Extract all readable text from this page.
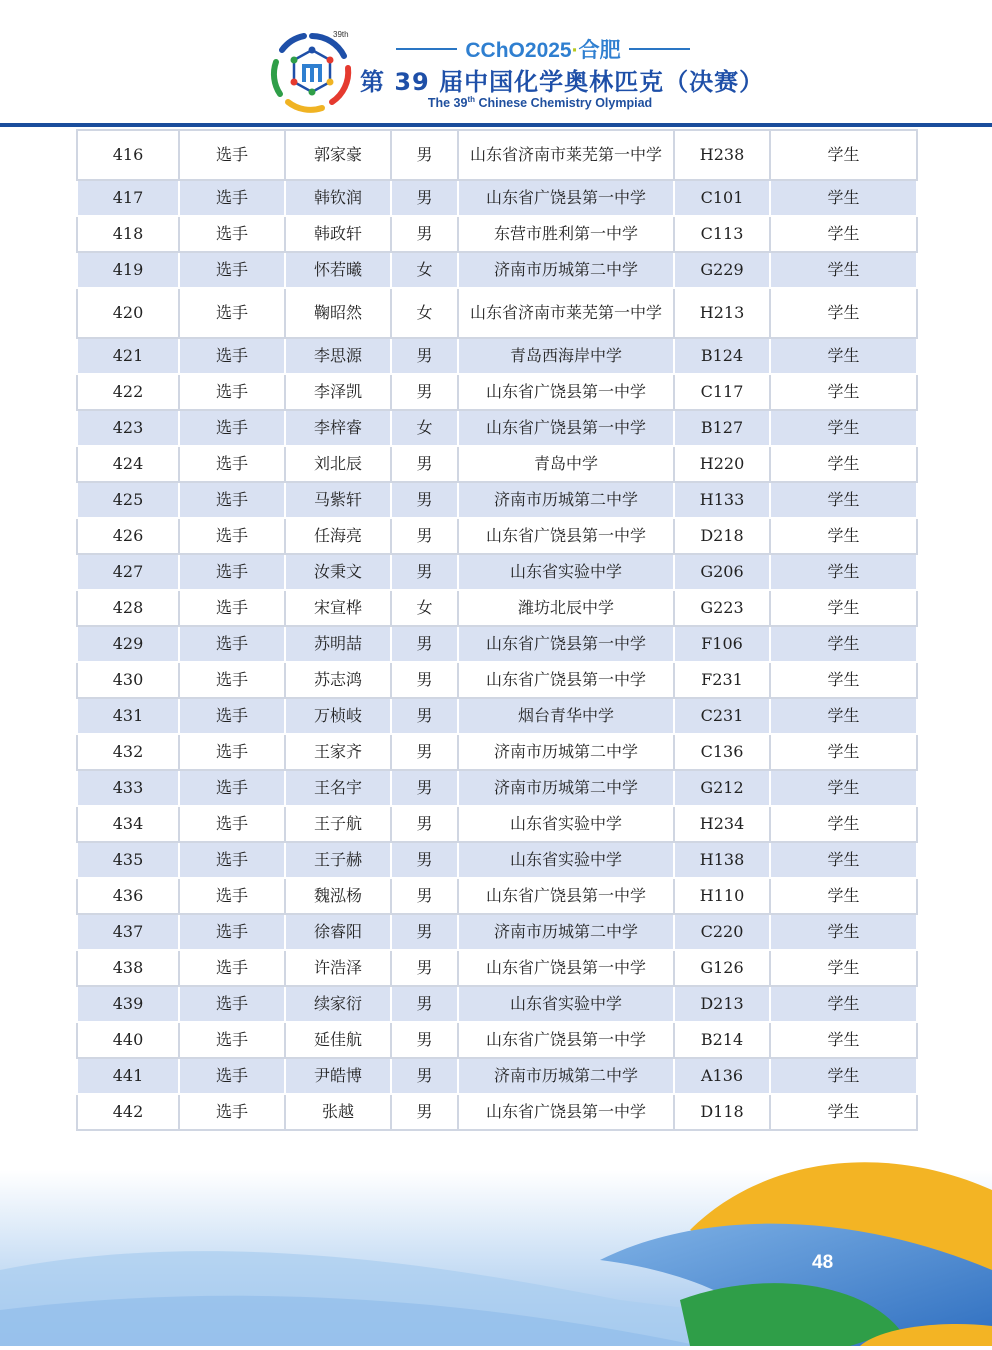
39th
CChO2025·合肥
第 39 届中国化学奥林匹克（决赛）
The 39th Chinese Chemistry Olympiad
416	选手	郭家豪	男	山东省济南市莱芜第一中学	H238	学生
417	选手	韩钦润	男	山东省广饶县第一中学	C101	学生
418	选手	韩政轩	男	东营市胜利第一中学	C113	学生
419	选手	怀若曦	女	济南市历城第二中学	G229	学生
420	选手	鞠昭然	女	山东省济南市莱芜第一中学	H213	学生
421	选手	李思源	男	青岛西海岸中学	B124	学生
422	选手	李泽凯	男	山东省广饶县第一中学	C117	学生
423	选手	李梓睿	女	山东省广饶县第一中学	B127	学生
424	选手	刘北辰	男	青岛中学	H220	学生
425	选手	马紫轩	男	济南市历城第二中学	H133	学生
426	选手	任海亮	男	山东省广饶县第一中学	D218	学生
427	选手	汝秉文	男	山东省实验中学	G206	学生
428	选手	宋宣桦	女	潍坊北辰中学	G223	学生
429	选手	苏明喆	男	山东省广饶县第一中学	F106	学生
430	选手	苏志鸿	男	山东省广饶县第一中学	F231	学生
431	选手	万桢岐	男	烟台青华中学	C231	学生
432	选手	王家齐	男	济南市历城第二中学	C136	学生
433	选手	王名宇	男	济南市历城第二中学	G212	学生
434	选手	王子航	男	山东省实验中学	H234	学生
435	选手	王子赫	男	山东省实验中学	H138	学生
436	选手	魏泓杨	男	山东省广饶县第一中学	H110	学生
437	选手	徐睿阳	男	济南市历城第二中学	C220	学生
438	选手	许浩泽	男	山东省广饶县第一中学	G126	学生
439	选手	续家衍	男	山东省实验中学	D213	学生
440	选手	延佳航	男	山东省广饶县第一中学	B214	学生
441	选手	尹皓博	男	济南市历城第二中学	A136	学生
442	选手	张越	男	山东省广饶县第一中学	D118	学生
48
